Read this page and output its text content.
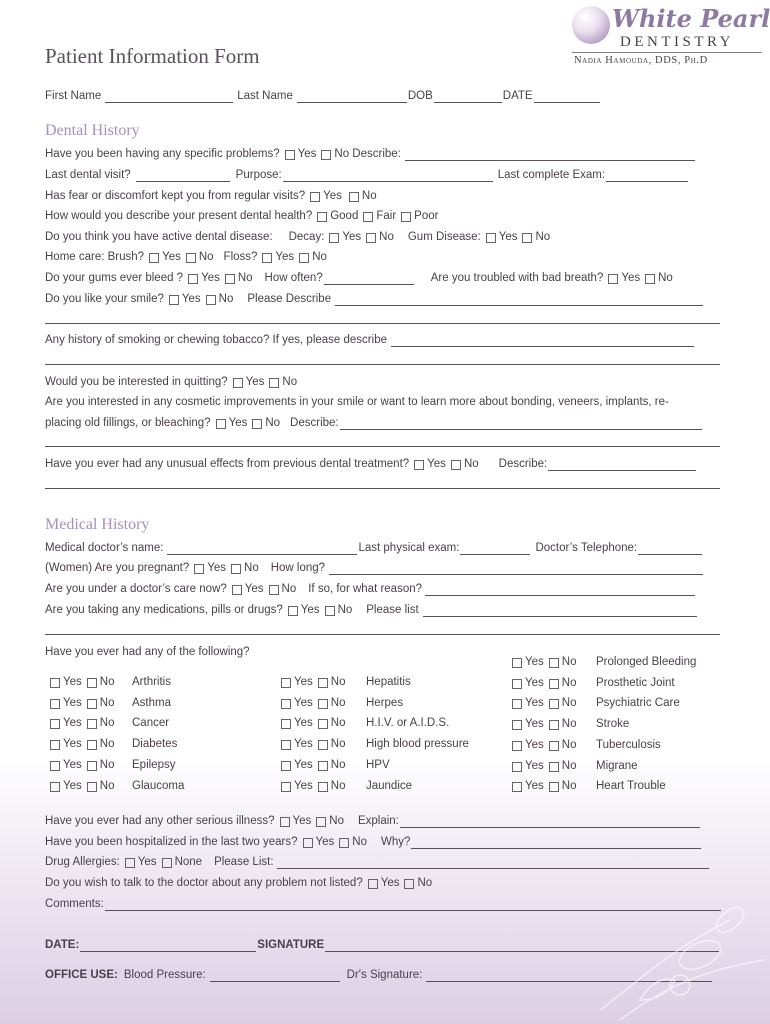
White Pearl
DENTISTRY
Nadia Hamouda, DDS, Ph.D
Patient Information Form
First Name	Last Name	DOB	DATE
Dental History
Have you been having any specific problems? Yes No Describe:
Last dental visit?	Purpose:	Last complete Exam:
Has fear or discomfort kept you from regular visits? Yes No
How would you describe your present dental health? Good Fair Poor
Do you think you have active dental disease: Decay: Yes No Gum Disease: Yes No
Home care: Brush? Yes No Floss? Yes No
Do your gums ever bleed ? Yes No How often?	Are you troubled with bad breath? Yes No
Do you like your smile? Yes No Please Describe
Any history of smoking or chewing tobacco? If yes, please describe
Would you be interested in quitting? Yes No
Are you interested in any cosmetic improvements in your smile or want to learn more about bonding, veneers, implants, re-
placing old fillings, or bleaching? Yes No Describe:
Have you ever had any unusual effects from previous dental treatment? Yes No Describe:
Medical History
Medical doctor’s name:	Last physical exam:	Doctor’s Telephone:
(Women) Are you pregnant? Yes No How long?
Are you under a doctor’s care now? Yes No If so, for what reason?
Are you taking any medications, pills or drugs? Yes No Please list
Have you ever had any of the following?
Yes No Arthritis
Yes No Asthma
Yes No Cancer
Yes No Diabetes
Yes No Epilepsy
Yes No Glaucoma
Yes No Hepatitis
Yes No Herpes
Yes No H.I.V. or A.I.D.S.
Yes No High blood pressure
Yes No HPV
Yes No Jaundice
Yes No Prolonged Bleeding
Yes No Prosthetic Joint
Yes No Psychiatric Care
Yes No Stroke
Yes No Tuberculosis
Yes No Migrane
Yes No Heart Trouble
Have you ever had any other serious illness? Yes No Explain:
Have you been hospitalized in the last two years? Yes No Why?
Drug Allergies: Yes None Please List:
Do you wish to talk to the doctor about any problem not listed? Yes No
Comments:
DATE:	SIGNATURE
OFFICE USE: Blood Pressure:	Dr's Signature:
